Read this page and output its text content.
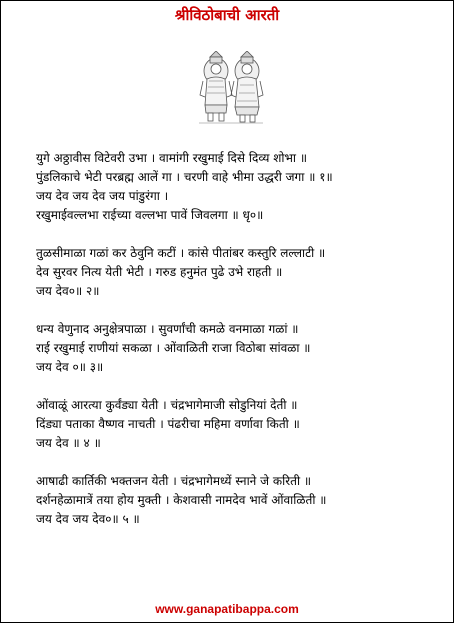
श्रीविठोबाची आरती

युगे अठ्ठावीस विटेवरी उभा । वामांगी रखुमाई दिसे दिव्य शोभा ॥

पुंडलिकाचे भेटी परब्रह्म आलें गा । चरणी वाहे भीमा उद्धरी जगा ॥ १॥

जय देव जय देव जय पांडुरंगा ।

रखुमाईवल्लभा राईच्या वल्लभा पावें जिवलगा ॥ धृ०॥

तुळसीमाळा गळां कर ठेवुनि कटीं । कांसे पीतांबर कस्तुरि लल्लाटी ॥

देव सुरवर नित्य येती भेटी । गरुड हनुमंत पुढे उभे राहती ॥

जय देव०॥ २॥

धन्य वेणुनाद अनुक्षेत्रपाळा । सुवर्णांची कमळे वनमाळा गळां ॥

राई रखुमाई राणीयां सकळा । ओंवाळिती राजा विठोबा सांवळा ॥

जय देव ०॥ ३॥

ओंवाळूं आरत्या कुर्वंड्या येती । चंद्रभागेमाजी सोडुनियां देती ॥

दिंड्या पताका वैष्णव नाचती । पंढरीचा महिमा वर्णावा किती ॥

जय देव ॥ ४ ॥

आषाढी कार्तिकी भक्तजन येती । चंद्रभागेमध्यें स्नाने जे करिती ॥

दर्शनहेळामात्रें तया होय मुक्ती । केशवासी नामदेव भावें ओंवाळिती ॥

जय देव जय देव०॥ ५ ॥

www.ganapatibappa.com
